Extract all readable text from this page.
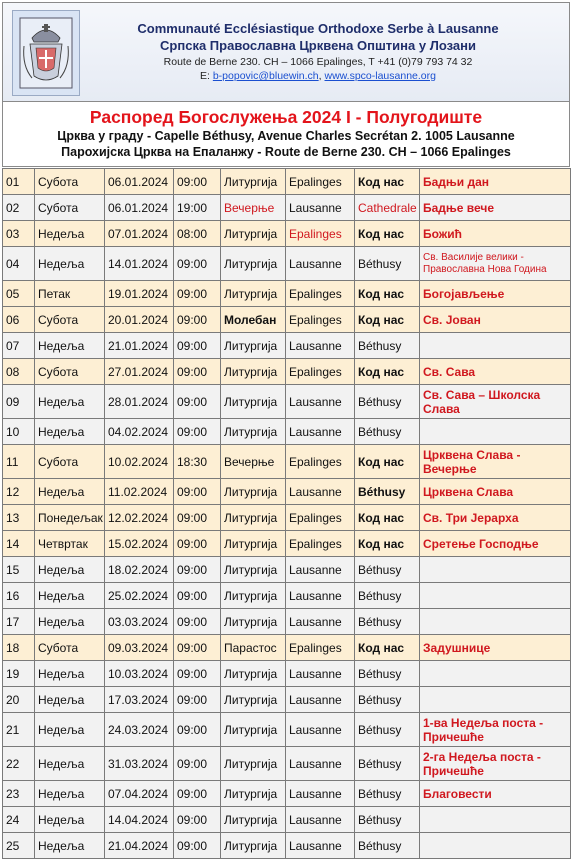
Communauté Ecclésiastique Orthodoxe Serbe à Lausanne
Српска Православна Црквена Општина у Лозани
Route de Berne 230. CH – 1066 Epalinges, T +41 (0)79 793 74 32
E: b-popovic@bluewin.ch, www.spco-lausanne.org
Распоред Богослужења 2024 I - Полугодиште
Црква у граду - Capelle Béthusy, Avenue Charles Secrétan 2. 1005 Lausanne
Парохијска Црква на Епаланжу - Route de Berne 230. CH – 1066 Epalinges
01	Субота	06.01.2024	09:00	Литургија	Epalinges	Код нас	Бадњи дан
02	Субота	06.01.2024	19:00	Вечерње	Lausanne	Cathedrale	Бадње вече
03	Недеља	07.01.2024	08:00	Литургија	Epalinges	Код нас	Божић
04	Недеља	14.01.2024	09:00	Литургија	Lausanne	Béthusy	Св. Василије велики - Православна Нова Година
05	Петак	19.01.2024	09:00	Литургија	Epalinges	Код нас	Богојављење
06	Субота	20.01.2024	09:00	Молебан	Epalinges	Код нас	Св. Јован
07	Недеља	21.01.2024	09:00	Литургија	Lausanne	Béthusy	
08	Субота	27.01.2024	09:00	Литургија	Epalinges	Код нас	Св. Сава
09	Недеља	28.01.2024	09:00	Литургија	Lausanne	Béthusy	Св. Сава – Школска Слава
10	Недеља	04.02.2024	09:00	Литургија	Lausanne	Béthusy	
11	Субота	10.02.2024	18:30	Вечерње	Epalinges	Код нас	Црквена Слава - Вечерње
12	Недеља	11.02.2024	09:00	Литургија	Lausanne	Béthusy	Црквена Слава
13	Понедељак	12.02.2024	09:00	Литургија	Epalinges	Код нас	Св. Три Јерарха
14	Четвртак	15.02.2024	09:00	Литургија	Epalinges	Код нас	Сретење Господње
15	Недеља	18.02.2024	09:00	Литургија	Lausanne	Béthusy	
16	Недеља	25.02.2024	09:00	Литургија	Lausanne	Béthusy	
17	Недеља	03.03.2024	09:00	Литургија	Lausanne	Béthusy	
18	Субота	09.03.2024	09:00	Парастос	Epalinges	Код нас	Задушнице
19	Недеља	10.03.2024	09:00	Литургија	Lausanne	Béthusy	
20	Недеља	17.03.2024	09:00	Литургија	Lausanne	Béthusy	
21	Недеља	24.03.2024	09:00	Литургија	Lausanne	Béthusy	1-ва Недеља поста - Причешће
22	Недеља	31.03.2024	09:00	Литургија	Lausanne	Béthusy	2-га Недеља поста - Причешће
23	Недеља	07.04.2024	09:00	Литургија	Lausanne	Béthusy	Благовести
24	Недеља	14.04.2024	09:00	Литургија	Lausanne	Béthusy	
25	Недеља	21.04.2024	09:00	Литургија	Lausanne	Béthusy	
